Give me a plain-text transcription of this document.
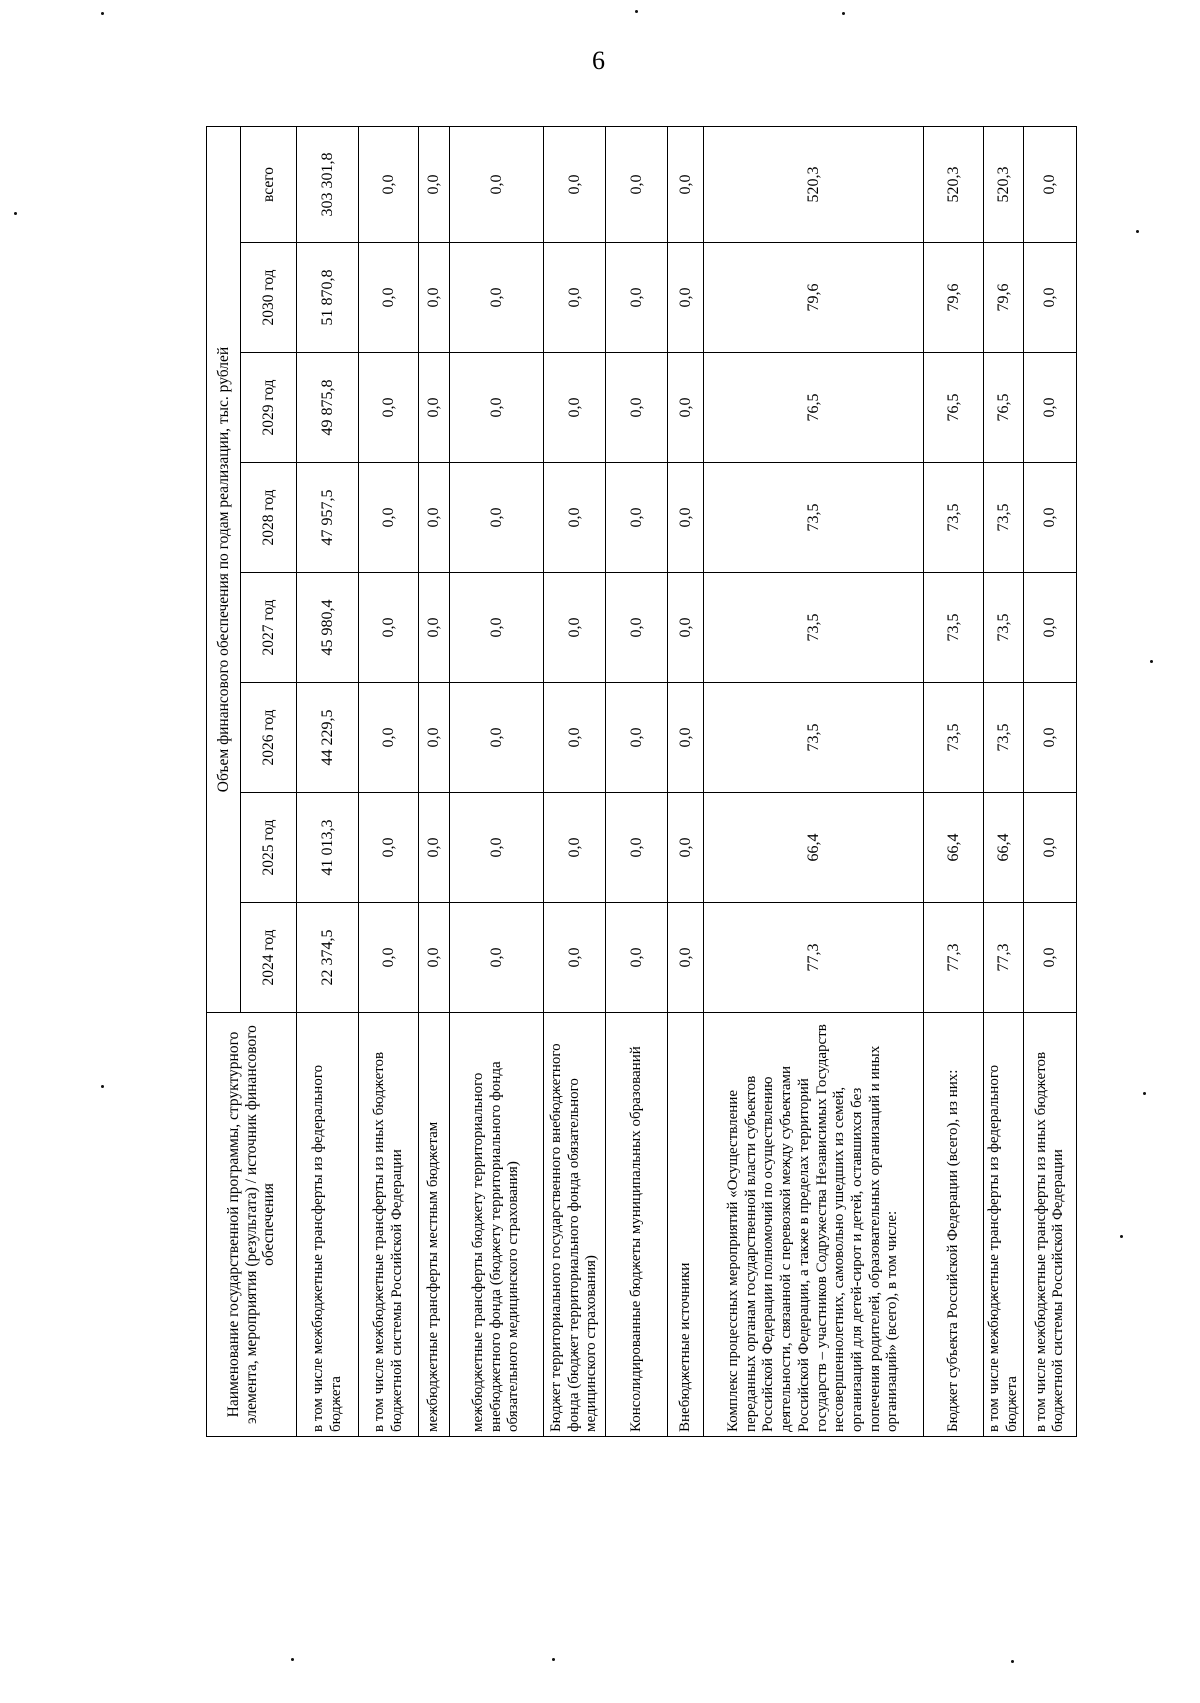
6
Наименование государственной программы, структурного элемента, мероприятия (результата) / источник финансового обеспечения	Объем финансового обеспечения по годам реализации, тыс. рублей							
	2024 год	2025 год	2026 год	2027 год	2028 год	2029 год	2030 год	всего
в том числе межбюджетные трансферты из федерального бюджета	22 374,5	41 013,3	44 229,5	45 980,4	47 957,5	49 875,8	51 870,8	303 301,8
в том числе межбюджетные трансферты из иных бюджетов бюджетной системы Российской Федерации	0,0	0,0	0,0	0,0	0,0	0,0	0,0	0,0
межбюджетные трансферты местным бюджетам	0,0	0,0	0,0	0,0	0,0	0,0	0,0	0,0
межбюджетные трансферты бюджету территориального внебюджетного фонда (бюджету территориального фонда обязательного медицинского страхования)	0,0	0,0	0,0	0,0	0,0	0,0	0,0	0,0
Бюджет территориального государственного внебюджетного фонда (бюджет территориального фонда обязательного медицинского страхования)	0,0	0,0	0,0	0,0	0,0	0,0	0,0	0,0
Консолидированные бюджеты муниципальных образований	0,0	0,0	0,0	0,0	0,0	0,0	0,0	0,0
Внебюджетные источники	0,0	0,0	0,0	0,0	0,0	0,0	0,0	0,0
Комплекс процессных мероприятий «Осуществление переданных органам государственной власти субъектов Российской Федерации полномочий по осуществлению деятельности, связанной с перевозкой между субъектами Российской Федерации, а также в пределах территорий государств – участников Содружества Независимых Государств несовершеннолетних, самовольно ушедших из семей, организаций для детей-сирот и детей, оставшихся без попечения родителей, образовательных организаций и иных организаций» (всего), в том числе:	77,3	66,4	73,5	73,5	73,5	76,5	79,6	520,3
Бюджет субъекта Российской Федерации (всего), из них:	77,3	66,4	73,5	73,5	73,5	76,5	79,6	520,3
в том числе межбюджетные трансферты из федерального бюджета	77,3	66,4	73,5	73,5	73,5	76,5	79,6	520,3
в том числе межбюджетные трансферты из иных бюджетов бюджетной системы Российской Федерации	0,0	0,0	0,0	0,0	0,0	0,0	0,0	0,0
